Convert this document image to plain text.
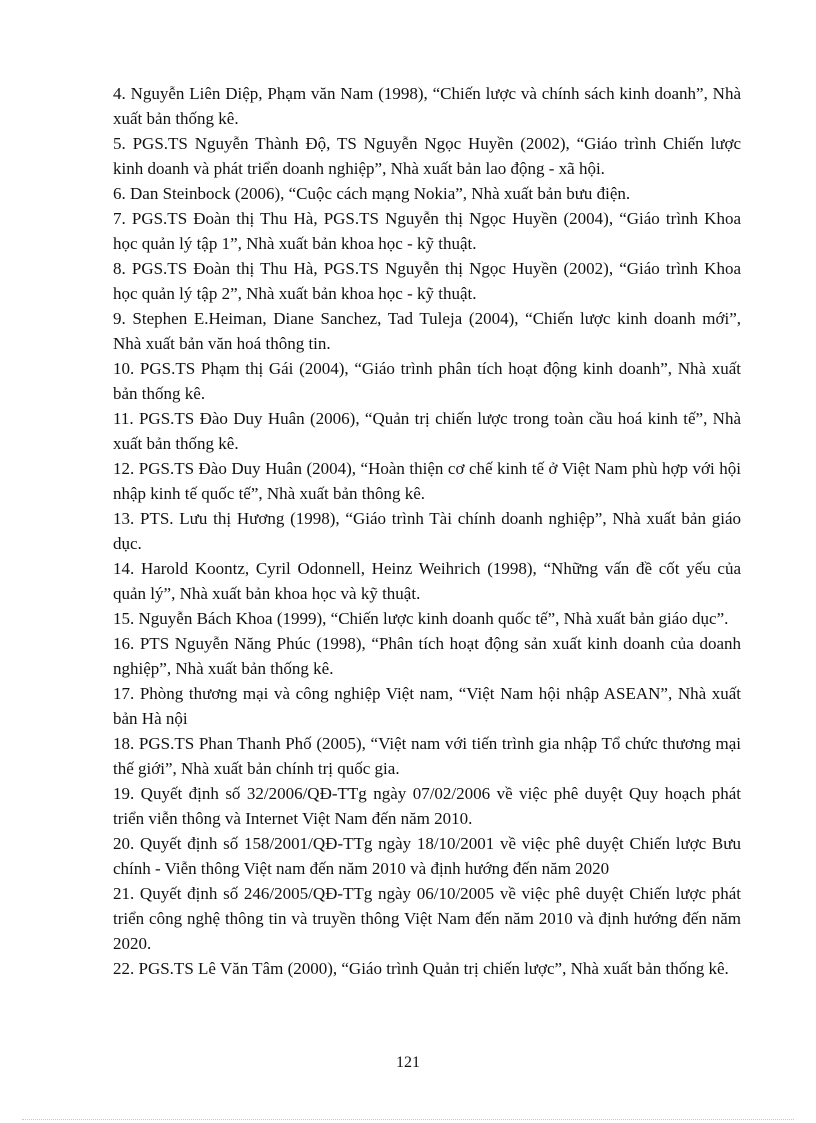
4. Nguyễn Liên Diệp, Phạm văn Nam (1998), “Chiến lược và chính sách kinh doanh”, Nhà xuất bản thống kê.

5. PGS.TS Nguyễn Thành Độ, TS Nguyễn Ngọc Huyền (2002), “Giáo trình Chiến lược kinh doanh và phát triển doanh nghiệp”, Nhà xuất bản lao động - xã hội.

6. Dan Steinbock (2006), “Cuộc cách mạng Nokia”, Nhà xuất bản bưu điện.

7. PGS.TS Đoàn thị Thu Hà, PGS.TS Nguyễn thị Ngọc Huyền (2004), “Giáo trình Khoa học quản lý tập 1”, Nhà xuất bản khoa học - kỹ thuật.

8. PGS.TS Đoàn thị Thu Hà, PGS.TS Nguyễn thị Ngọc Huyền (2002), “Giáo trình Khoa học quản lý tập 2”, Nhà xuất bản khoa học - kỹ thuật.

9. Stephen E.Heiman, Diane Sanchez, Tad Tuleja (2004), “Chiến lược kinh doanh mới”, Nhà xuất bản văn hoá thông tin.

10. PGS.TS Phạm thị Gái (2004), “Giáo trình phân tích hoạt động kinh doanh”, Nhà xuất bản thống kê.

11. PGS.TS Đào Duy Huân (2006), “Quản trị chiến lược trong toàn cầu hoá kinh tế”, Nhà xuất bản thống kê.

12. PGS.TS Đào Duy Huân (2004), “Hoàn thiện cơ chế kinh tế ở Việt Nam phù hợp với hội nhập kinh tế quốc tế”, Nhà xuất bản thông kê.

13. PTS. Lưu thị Hương (1998), “Giáo trình Tài chính doanh nghiệp”, Nhà xuất bản giáo dục.

14. Harold Koontz, Cyril Odonnell, Heinz Weihrich (1998), “Những vấn đề cốt yếu của quản lý”, Nhà xuất bản khoa học và kỹ thuật.

15. Nguyễn Bách Khoa (1999), “Chiến lược kinh doanh quốc tế”, Nhà xuất bản giáo dục”.

16. PTS Nguyễn Năng Phúc (1998), “Phân tích hoạt động sản xuất kinh doanh của doanh nghiệp”, Nhà xuất bản thống kê.

17. Phòng thương mại và công nghiệp Việt nam, “Việt Nam hội nhập ASEAN”, Nhà xuất bản Hà nội

18. PGS.TS Phan Thanh Phố (2005), “Việt nam với tiến trình gia nhập Tổ chức thương mại thế giới”, Nhà xuất bản chính trị quốc gia.

19. Quyết định số 32/2006/QĐ-TTg ngày 07/02/2006 về việc phê duyệt Quy hoạch phát triển viễn thông và Internet Việt Nam đến năm 2010.

20. Quyết định số 158/2001/QĐ-TTg ngày 18/10/2001 về việc phê duyệt Chiến lược Bưu chính - Viễn thông Việt nam đến năm 2010 và định hướng đến năm 2020

21. Quyết định số 246/2005/QĐ-TTg ngày 06/10/2005 về việc phê duyệt Chiến lược phát triển công nghệ thông tin và truyền thông Việt Nam đến năm 2010 và định hướng đến năm 2020.

22. PGS.TS Lê Văn Tâm (2000), “Giáo trình Quản trị chiến lược”, Nhà xuất bản thống kê.

121
